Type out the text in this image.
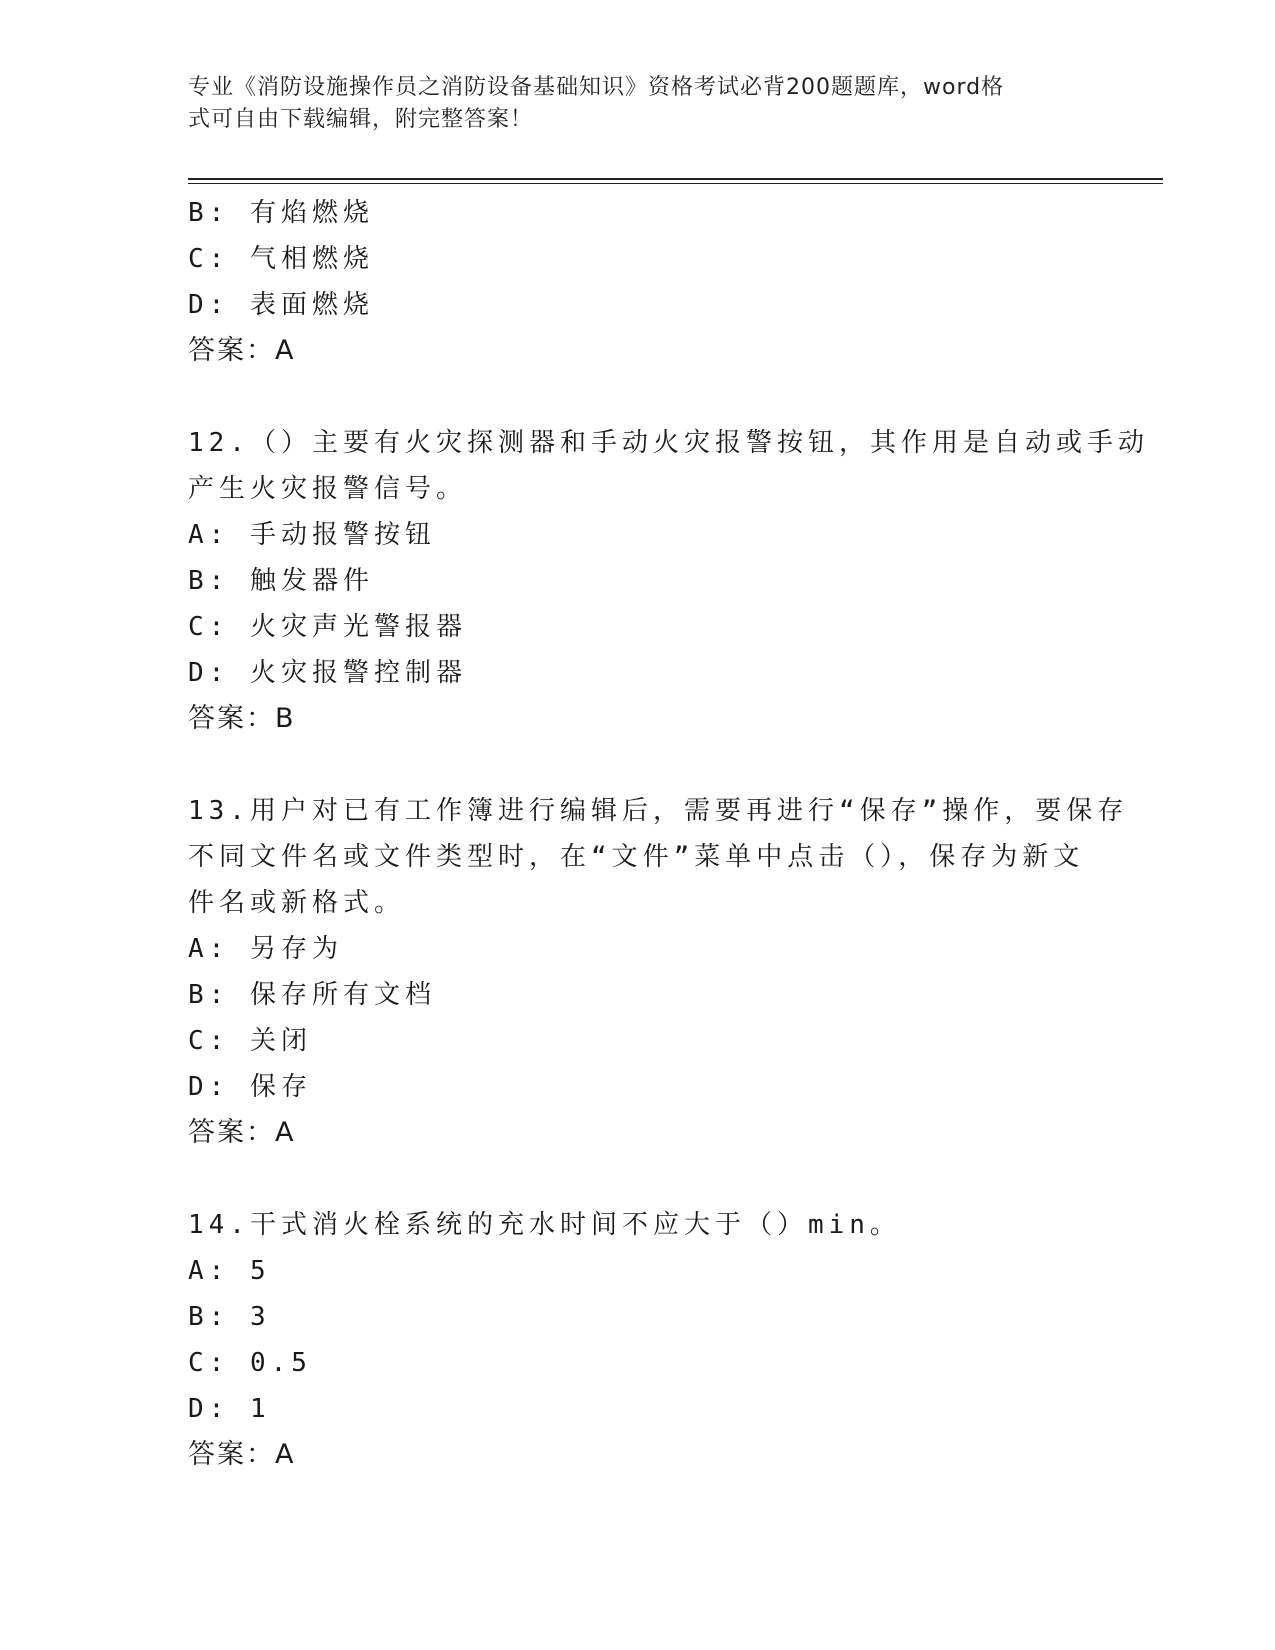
专业《消防设施操作员之消防设备基础知识》资格考试必背200题题库，word格
式可自由下载编辑，附完整答案！
B: 有焰燃烧
C: 气相燃烧
D: 表面燃烧
答案：A
12.（）主要有火灾探测器和手动火灾报警按钮，其作用是自动或手动
产生火灾报警信号。
A: 手动报警按钮
B: 触发器件
C: 火灾声光警报器
D: 火灾报警控制器
答案：B
13.用户对已有工作簿进行编辑后，需要再进行“保存”操作，要保存
不同文件名或文件类型时，在“文件”菜单中点击（），保存为新文
件名或新格式。
A: 另存为
B: 保存所有文档
C: 关闭
D: 保存
答案：A
14.干式消火栓系统的充水时间不应大于（）min。
A: 5
B: 3
C: 0.5
D: 1
答案：A
